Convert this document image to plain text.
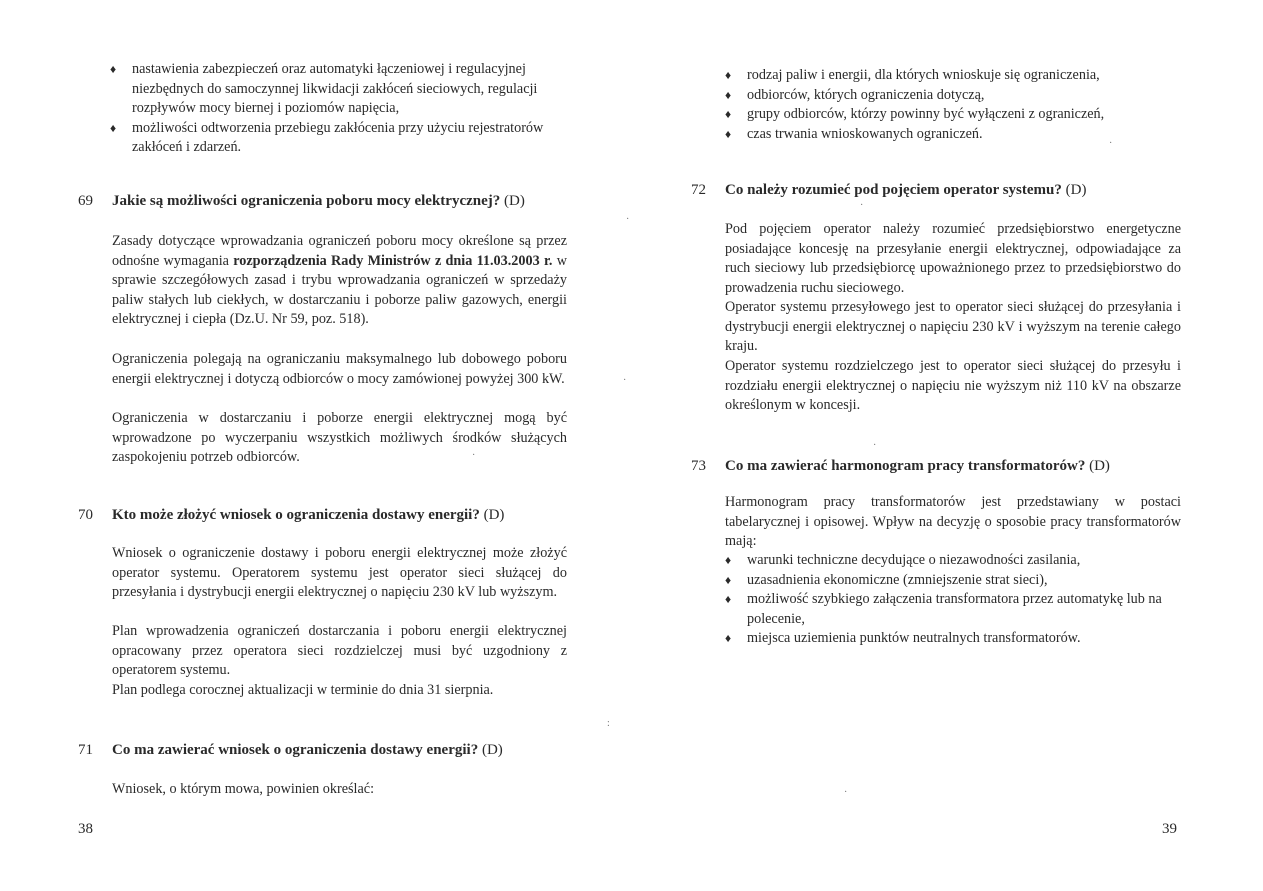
♦ nastawienia zabezpieczeń oraz automatyki łączeniowej i regulacyjnej niezbędnych do samoczynnej likwidacji zakłóceń sieciowych, regulacji rozpływów mocy biernej i poziomów napięcia,
♦ możliwości odtworzenia przebiegu zakłócenia przy użyciu rejestratorów zakłóceń i zdarzeń.
69 Jakie są możliwości ograniczenia poboru mocy elektrycznej? (D)

Zasady dotyczące wprowadzania ograniczeń poboru mocy określone są przez odnośne wymagania rozporządzenia Rady Ministrów z dnia 11.03.2003 r. w sprawie szczegółowych zasad i trybu wprowadzania ograniczeń w sprzedaży paliw stałych lub ciekłych, w dostarczaniu i poborze paliw gazowych, energii elektrycznej i ciepła (Dz.U. Nr 59, poz. 518).

Ograniczenia polegają na ograniczaniu maksymalnego lub dobowego poboru energii elektrycznej i dotyczą odbiorców o mocy zamówionej powyżej 300 kW.

Ograniczenia w dostarczaniu i poborze energii elektrycznej mogą być wprowadzone po wyczerpaniu wszystkich możliwych środków służących zaspokojeniu potrzeb odbiorców.

70 Kto może złożyć wniosek o ograniczenia dostawy energii? (D)

Wniosek o ograniczenie dostawy i poboru energii elektrycznej może złożyć operator systemu. Operatorem systemu jest operator sieci służącej do przesyłania i dystrybucji energii elektrycznej o napięciu 230 kV lub wyższym.

Plan wprowadzenia ograniczeń dostarczania i poboru energii elektrycznej opracowany przez operatora sieci rozdzielczej musi być uzgodniony z operatorem systemu.

Plan podlega corocznej aktualizacji w terminie do dnia 31 sierpnia.

71 Co ma zawierać wniosek o ograniczenia dostawy energii? (D)

Wniosek, o którym mowa, powinien określać:

38
·
·
·
:
♦ rodzaj paliw i energii, dla których wnioskuje się ograniczenia,
♦ odbiorców, których ograniczenia dotyczą,
♦ grupy odbiorców, którzy powinny być wyłączeni z ograniczeń,
♦ czas trwania wnioskowanych ograniczeń.
72 Co należy rozumieć pod pojęciem operator systemu? (D)

Pod pojęciem operator należy rozumieć przedsiębiorstwo energetyczne posiadające koncesję na przesyłanie energii elektrycznej, odpowiadające za ruch sieciowy lub przedsiębiorcę upoważnionego przez to przedsiębiorstwo do prowadzenia ruchu sieciowego.

Operator systemu przesyłowego jest to operator sieci służącej do przesyłania i dystrybucji energii elektrycznej o napięciu 230 kV i wyższym na terenie całego kraju.

Operator systemu rozdzielczego jest to operator sieci służącej do przesyłu i rozdziału energii elektrycznej o napięciu nie wyższym niż 110 kV na obszarze określonym w koncesji.

73 Co ma zawierać harmonogram pracy transformatorów? (D)

Harmonogram pracy transformatorów jest przedstawiany w postaci tabelarycznej i opisowej. Wpływ na decyzję o sposobie pracy transformatorów mają:

♦ warunki techniczne decydujące o niezawodności zasilania,
♦ uzasadnienia ekonomiczne (zmniejszenie strat sieci),
♦ możliwość szybkiego załączenia transformatora przez automatykę lub na polecenie,
♦ miejsca uziemienia punktów neutralnych transformatorów.
39
·
·
·
·
